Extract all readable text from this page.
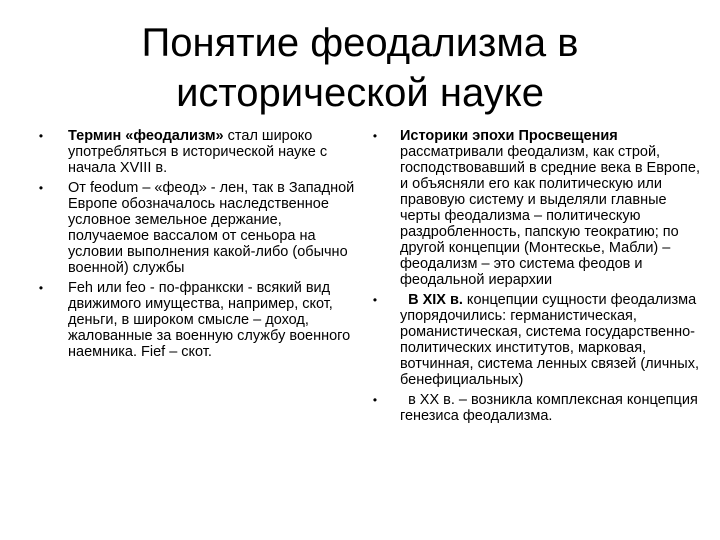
Понятие феодализма в
исторической науке
• Термин «феодализм» стал широко употребляться в исторической науке с начала XVIII в.
• От feodum – «феод» - лен, так в Западной Европе обозначалось наследственное условное земельное держание, получаемое вассалом от сеньора на условии выполнения какой-либо (обычно военной) службы
• Feh или feo - по-франкски - всякий вид движимого имущества, например, скот, деньги, в широком смысле – доход, жалованные за военную службу военного наемника. Fief – скот.
• Историки эпохи Просвещения рассматривали феодализм, как строй, господствовавший в средние века в Европе, и объясняли его как политическую или правовую систему и выделяли главные черты феодализма – политическую раздробленность, папскую теократию; по другой концепции (Монтескье, Мабли) – феодализм – это система феодов и феодальной иерархии
• В XIX в. концепции сущности феодализма упорядочились: германистическая, романистическая, система государственно-политических институтов, марковая, вотчинная, система ленных связей (личных, бенефициальных)
• в XX в. – возникла комплексная концепция генезиса феодализма.
